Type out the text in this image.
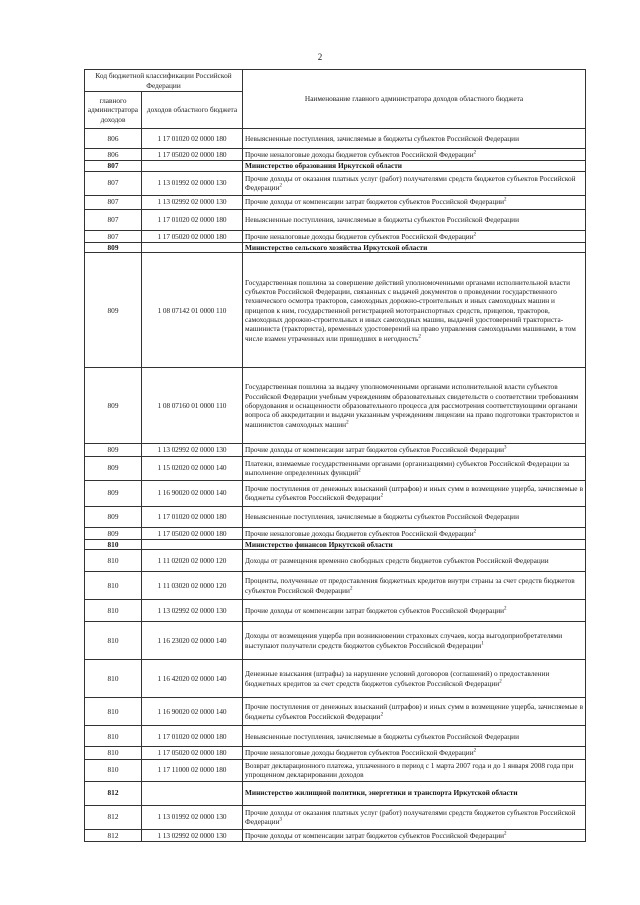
2
Код бюджетной классификации Российской Федерации		Наименование главного администратора доходов областного бюджета
главного администратора доходов	доходов областного бюджета	
806	1 17 01020 02 0000 180	Невыясненные поступления, зачисляемые в бюджеты субъектов Российской Федерации
806	1 17 05020 02 0000 180	Прочие неналоговые доходы бюджетов субъектов Российской Федерации$^2$
807		Министерство образования Иркутской области
807	1 13 01992 02 0000 130	Прочие доходы от оказания платных услуг (работ) получателями средств бюджетов субъектов Российской Федерации$^2$
807	1 13 02992 02 0000 130	Прочие доходы от компенсации затрат бюджетов субъектов Российской Федерации$^2$
807	1 17 01020 02 0000 180	Невыясненные поступления, зачисляемые в бюджеты субъектов Российской Федерации
807	1 17 05020 02 0000 180	Прочие неналоговые доходы бюджетов субъектов Российской Федерации$^2$
809		Министерство сельского хозяйства Иркутской области
809	1 08 07142 01 0000 110	Государственная пошлина за совершение действий уполномоченными органами исполнительной власти субъектов Российской Федерации, связанных с выдачей документов о проведении государственного технического осмотра тракторов, самоходных дорожно-строительных и иных самоходных машин и прицепов к ним, государственной регистрацией мототранспортных средств, прицепов, тракторов, самоходных дорожно-строительных и иных самоходных машин, выдачей удостоверений тракториста-машиниста (тракториста), временных удостоверений на право управления самоходными машинами, в том числе взамен утраченных или пришедших в негодность$^2$
809	1 08 07160 01 0000 110	Государственная пошлина за выдачу уполномоченными органами исполнительной власти субъектов Российской Федерации учебным учреждениям образовательных свидетельств о соответствии требованиям оборудования и оснащенности образовательного процесса для рассмотрения соответствующими органами вопроса об аккредитации и выдачи указанным учреждениям лицензии на право подготовки трактористов и машинистов самоходных машин$^2$
809	1 13 02992 02 0000 130	Прочие доходы от компенсации затрат бюджетов субъектов Российской Федерации$^3$
809	1 15 02020 02 0000 140	Платежи, взимаемые государственными органами (организациями) субъектов Российской Федерации за выполнение определенных функций$^2$
809	1 16 90020 02 0000 140	Прочие поступления от денежных взысканий (штрафов) и иных сумм в возмещение ущерба, зачисляемые в бюджеты субъектов Российской Федерации$^2$
809	1 17 01020 02 0000 180	Невыясненные поступления, зачисляемые в бюджеты субъектов Российской Федерации
809	1 17 05020 02 0000 180	Прочие неналоговые доходы бюджетов субъектов Российской Федерации$^2$
810		Министерство финансов Иркутской области
810	1 11 02020 02 0000 120	Доходы от размещения временно свободных средств бюджетов субъектов Российской Федерации
810	1 11 03020 02 0000 120	Проценты, полученные от предоставления бюджетных кредитов внутри страны за счет средств бюджетов субъектов Российской Федерации$^2$
810	1 13 02992 02 0000 130	Прочие доходы от компенсации затрат бюджетов субъектов Российской Федерации$^2$
810	1 16 23020 02 0000 140	Доходы от возмещения ущерба при возникновении страховых случаев, когда выгодоприобретателями выступают получатели средств бюджетов субъектов Российской Федерации$^1$
810	1 16 42020 02 0000 140	Денежные взыскания (штрафы) за нарушение условий договоров (соглашений) о предоставлении бюджетных кредитов за счет средств бюджетов субъектов Российской Федерации$^2$
810	1 16 90020 02 0000 140	Прочие поступления от денежных взысканий (штрафов) и иных сумм в возмещение ущерба, зачисляемые в бюджеты субъектов Российской Федерации$^2$
810	1 17 01020 02 0000 180	Невыясненные поступления, зачисляемые в бюджеты субъектов Российской Федерации
810	1 17 05020 02 0000 180	Прочие неналоговые доходы бюджетов субъектов Российской Федерации$^2$
810	1 17 11000 02 0000 180	Возврат декларационного платежа, уплаченного в период с 1 марта 2007 года и до 1 января 2008 года при упрощенном декларировании доходов
812		Министерство жилищной политики, энергетики и транспорта Иркутской области
812	1 13 01992 02 0000 130	Прочие доходы от оказания платных услуг (работ) получателями средств бюджетов субъектов Российской Федерации$^3$
812	1 13 02992 02 0000 130	Прочие доходы от компенсации затрат бюджетов субъектов Российской Федерации$^2$
